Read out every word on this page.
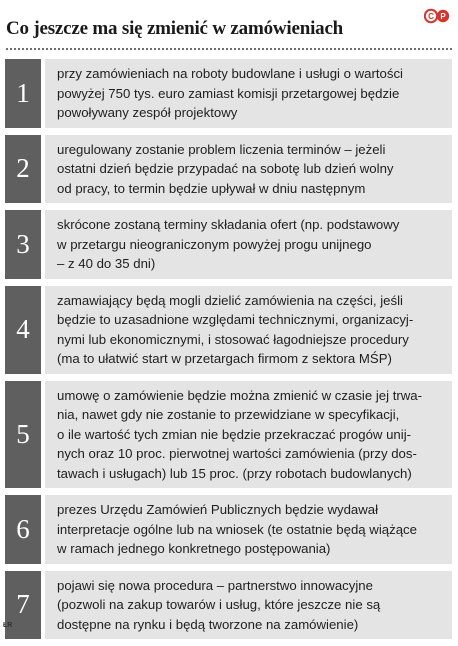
Co jeszcze ma się zmienić w zamówieniach
C P
1
przy zamówieniach na roboty budowlane i usługi o wartości
powyżej 750 tys. euro zamiast komisji przetargowej będzie
powoływany zespół projektowy
2
uregulowany zostanie problem liczenia terminów – jeżeli
ostatni dzień będzie przypadać na sobotę lub dzień wolny
od pracy, to termin będzie upływał w dniu następnym
3
skrócone zostaną terminy składania ofert (np. podstawowy
w przetargu nieograniczonym powyżej progu unijnego
– z 40 do 35 dni)
4
zamawiający będą mogli dzielić zamówienia na części, jeśli
będzie to uzasadnione względami technicznymi, organizacyj-
nymi lub ekonomicznymi, i stosować łagodniejsze procedury
(ma to ułatwić start w przetargach firmom z sektora MŚP)
5
umowę o zamówienie będzie można zmienić w czasie jej trwa-
nia, nawet gdy nie zostanie to przewidziane w specyfikacji,
o ile wartość tych zmian nie będzie przekraczać progów unij-
nych oraz 10 proc. pierwotnej wartości zamówienia (przy dos-
tawach i usługach) lub 15 proc. (przy robotach budowlanych)
6
prezes Urzędu Zamówień Publicznych będzie wydawał
interpretacje ogólne lub na wniosek (te ostatnie będą wiążące
w ramach jednego konkretnego postępowania)
7
pojawi się nowa procedura – partnerstwo innowacyjne
(pozwoli na zakup towarów i usług, które jeszcze nie są
dostępne na rynku i będą tworzone na zamówienie)
ŁR
